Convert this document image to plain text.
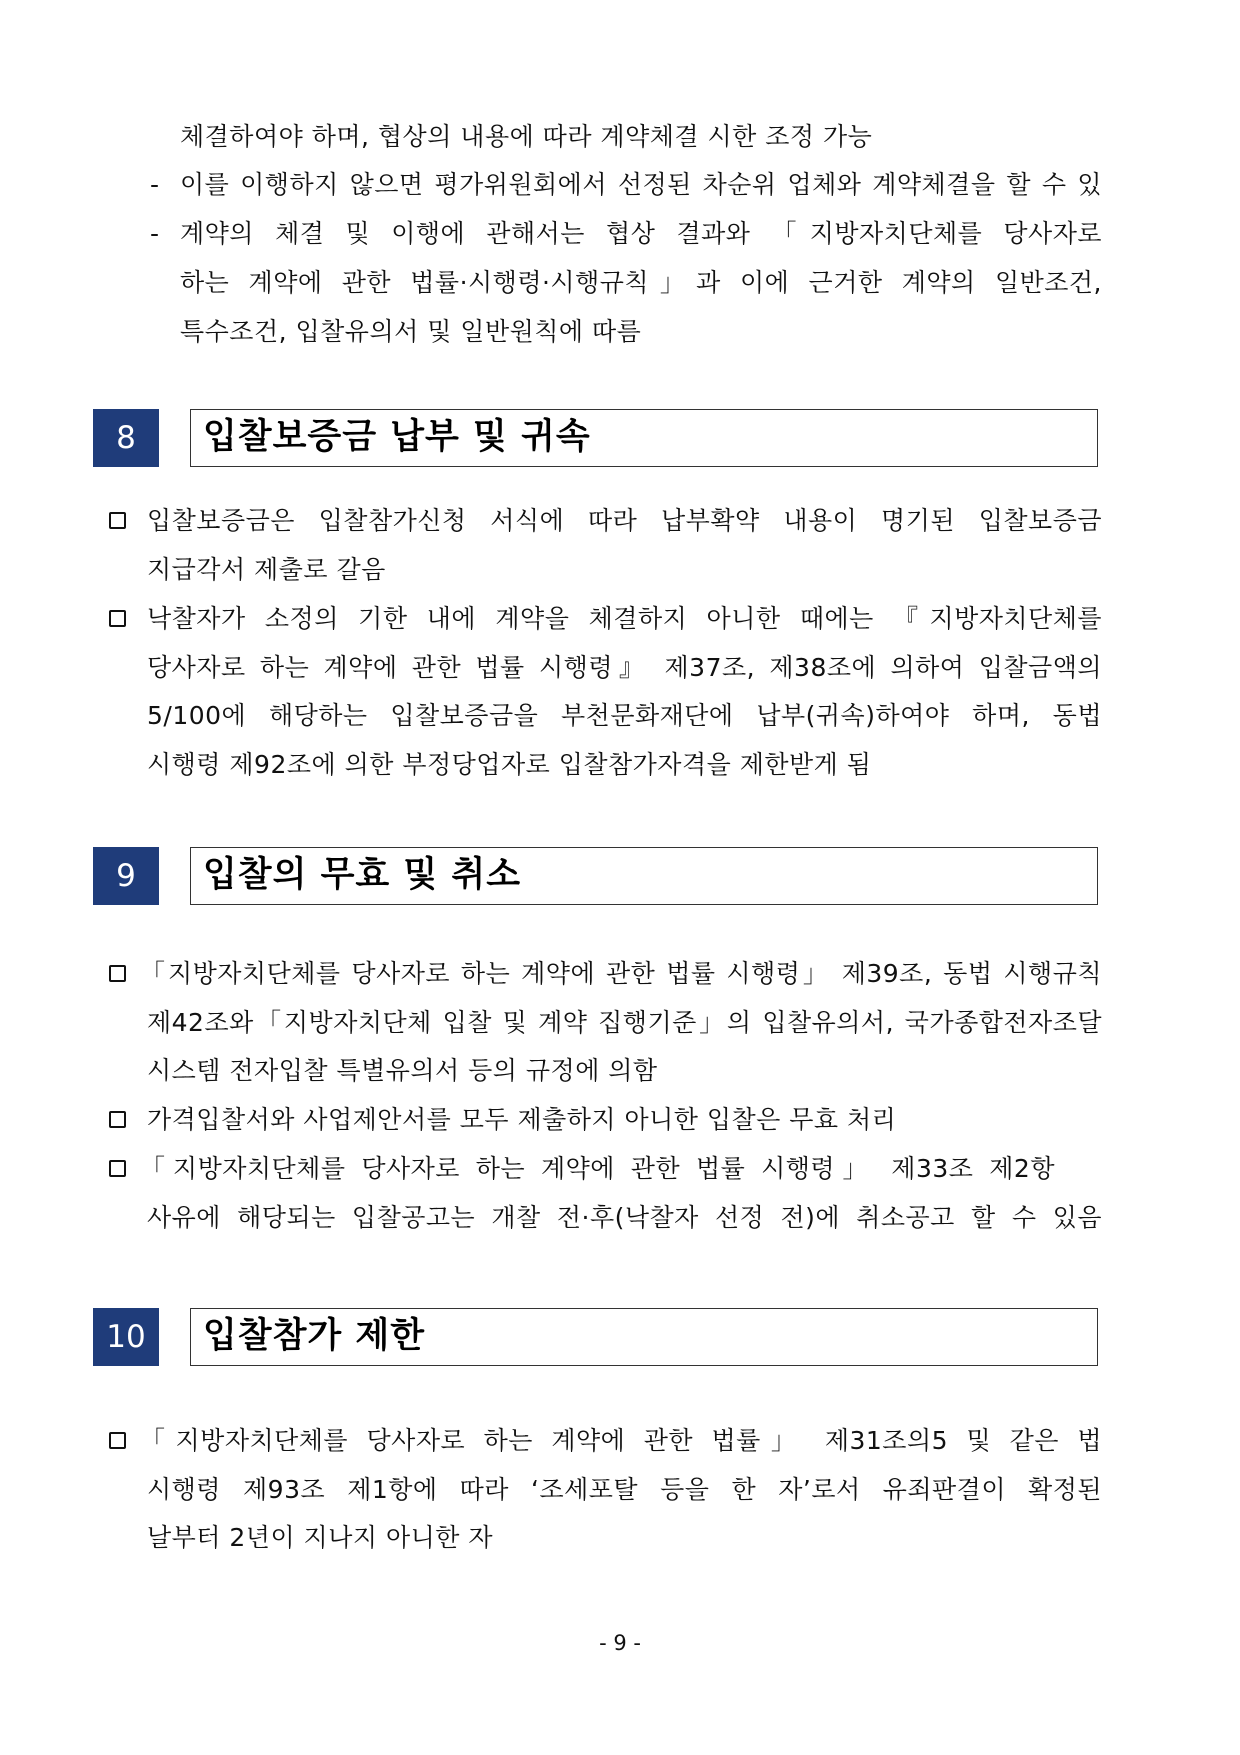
체결하여야 하며, 협상의 내용에 따라 계약체결 시한 조정 가능
- 이를 이행하지 않으면 평가위원회에서 선정된 차순위 업체와 계약체결을 할 수 있
- 계약의 체결 및 이행에 관해서는 협상 결과와 「지방자치단체를 당사자로
하는 계약에 관한 법률·시행령·시행규칙」과 이에 근거한 계약의 일반조건,
특수조건, 입찰유의서 및 일반원칙에 따름
8	입찰보증금 납부 및 귀속
입찰보증금은 입찰참가신청 서식에 따라 납부확약 내용이 명기된 입찰보증금
지급각서 제출로 갈음
낙찰자가 소정의 기한 내에 계약을 체결하지 아니한 때에는 『지방자치단체를
당사자로 하는 계약에 관한 법률 시행령』 제37조, 제38조에 의하여 입찰금액의
5/100에 해당하는 입찰보증금을 부천문화재단에 납부(귀속)하여야 하며, 동법
시행령 제92조에 의한 부정당업자로 입찰참가자격을 제한받게 됨
9	입찰의 무효 및 취소
「지방자치단체를 당사자로 하는 계약에 관한 법률 시행령」 제39조, 동법 시행규칙
제42조와「지방자치단체 입찰 및 계약 집행기준」의 입찰유의서, 국가종합전자조달
시스템 전자입찰 특별유의서 등의 규정에 의함
가격입찰서와 사업제안서를 모두 제출하지 아니한 입찰은 무효 처리
「지방자치단체를 당사자로 하는 계약에 관한 법률 시행령」 제33조 제2항
사유에 해당되는 입찰공고는 개찰 전·후(낙찰자 선정 전)에 취소공고 할 수 있음
10	입찰참가 제한
「지방자치단체를 당사자로 하는 계약에 관한 법률」 제31조의5 및 같은 법
시행령 제93조 제1항에 따라 ‘조세포탈 등을 한 자’로서 유죄판결이 확정된
날부터 2년이 지나지 아니한 자
- 9 -
